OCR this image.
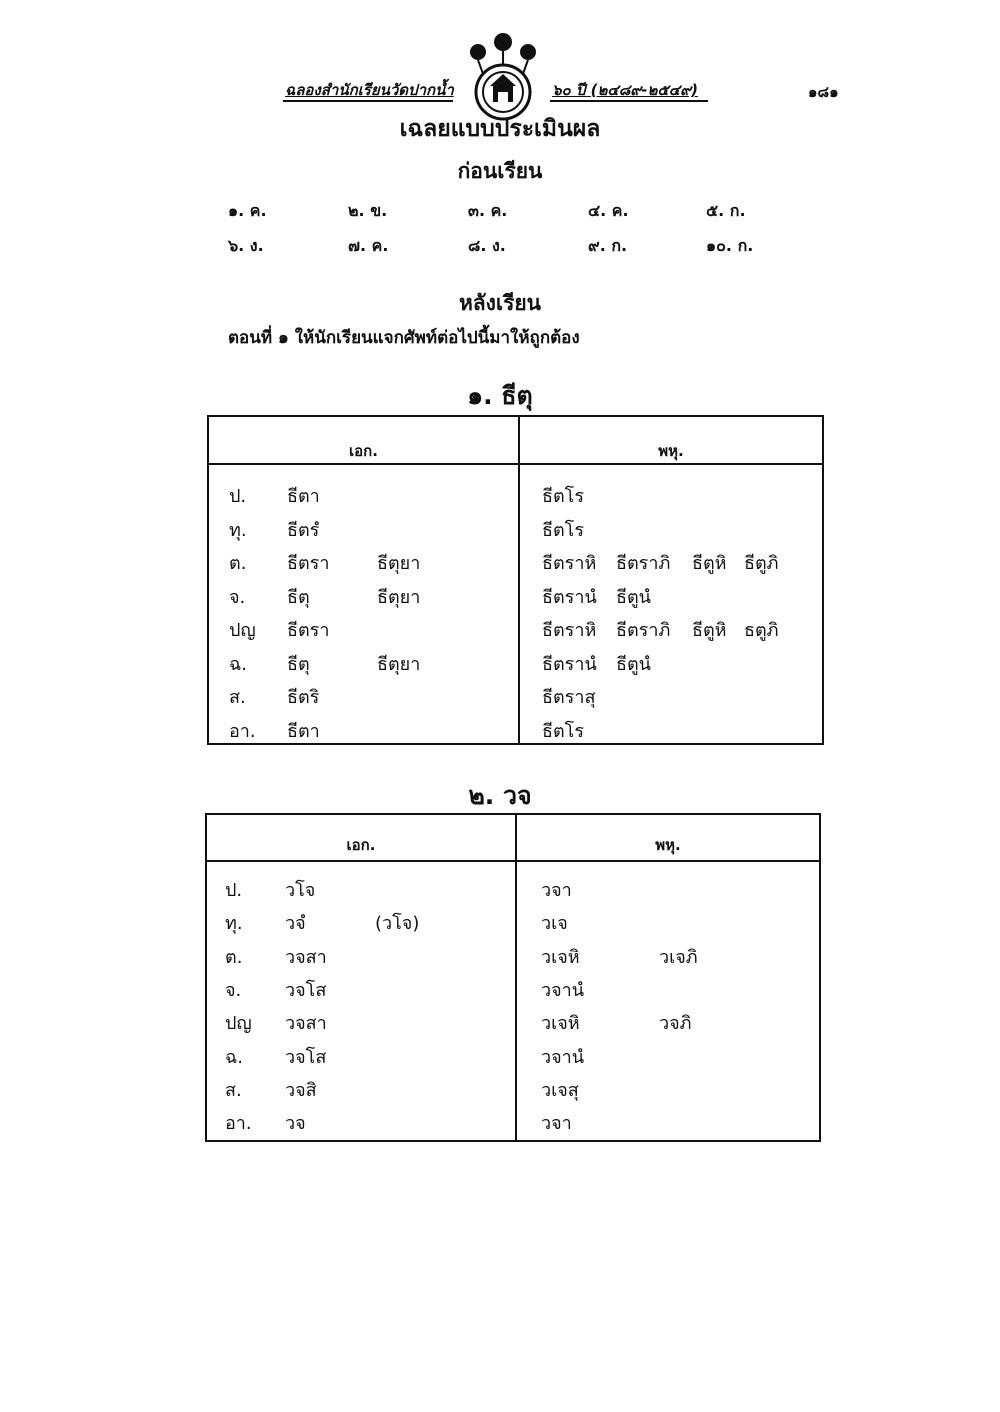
ฉลองสำนักเรียนวัดปากน้ำ	๖๐ ปี (๒๔๘๙-๒๕๔๙)	๑๘๑
เฉลยแบบประเมินผล
ก่อนเรียน
๑. ค.	๒. ข.	๓. ค.	๔. ค.	๕. ก.
๖. ง.	๗. ค.	๘. ง.	๙. ก.	๑๐. ก.
หลังเรียน
ตอนที่ ๑ ให้นักเรียนแจกศัพท์ต่อไปนี้มาให้ถูกต้อง
๑. ธีตุ
เอก.	พหุ.
ป. ธีตา	ธีตโร
ทุ. ธีตรํ	ธีตโร
ต. ธีตรา	ธีตุยา	ธีตราหิ ธีตราภิ ธีตูหิ ธีตูภิ
จ. ธีตุ	ธีตุยา	ธีตรานํ ธีตูนํ
ปญ ธีตรา	ธีตราหิ ธีตราภิ ธีตูหิ ธตูภิ
ฉ. ธีตุ	ธีตุยา	ธีตรานํ ธีตูนํ
ส. ธีตริ	ธีตราสุ
อา. ธีตา	ธีตโร
๒. วจ
เอก.	พหุ.
ป. วโจ	วจา
ทุ. วจํ	(วโจ)	วเจ
ต. วจสา	วเจหิ	วเจภิ
จ. วจโส	วจานํ
ปญ วจสา	วเจหิ	วจภิ
ฉ. วจโส	วจานํ
ส. วจสิ	วเจสุ
อา. วจ	วจา
